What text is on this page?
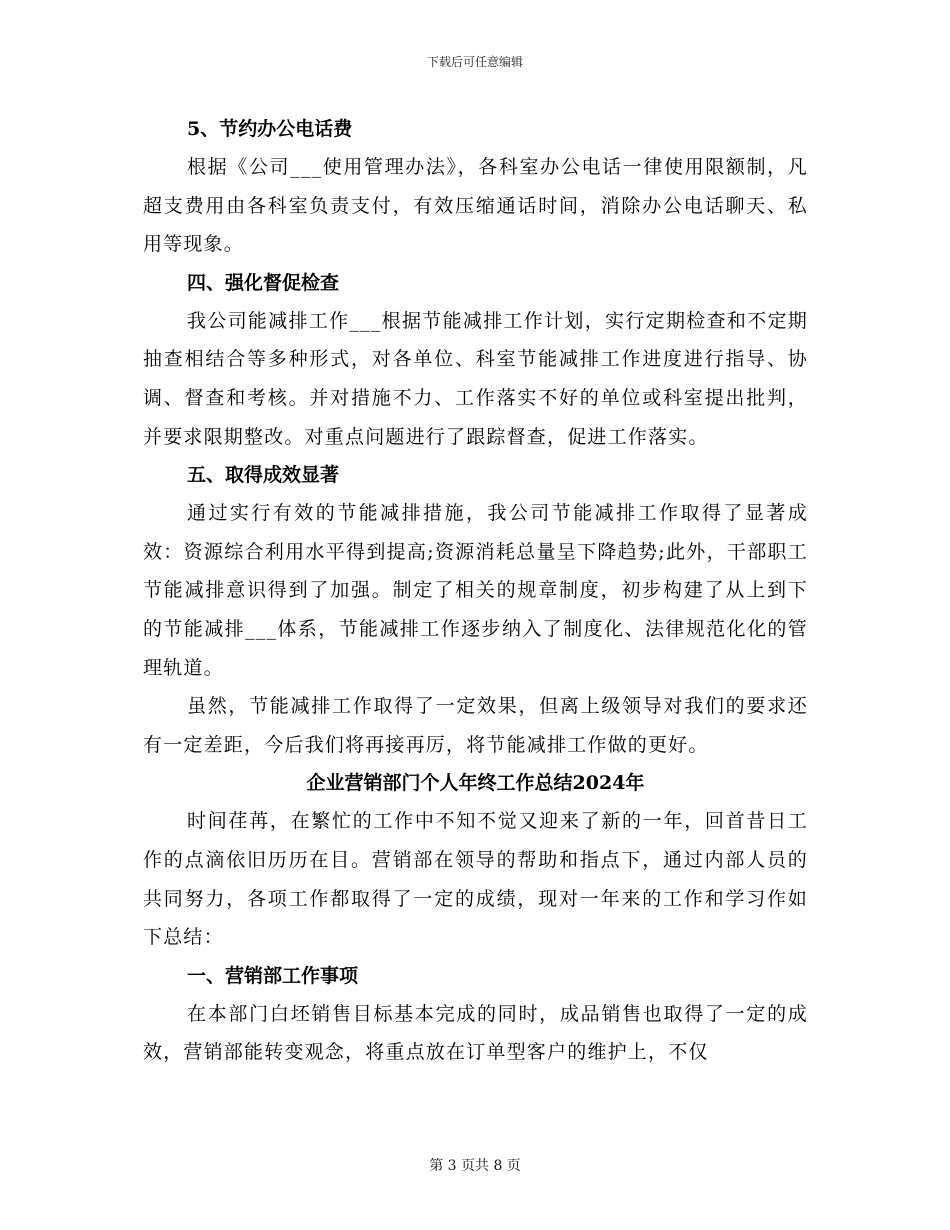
下载后可任意编辑

5、节约办公电话费

根据《公司___使用管理办法》，各科室办公电话一律使用限额制，凡超支费用由各科室负责支付，有效压缩通话时间，消除办公电话聊天、私用等现象。

四、强化督促检查

我公司能减排工作___根据节能减排工作计划，实行定期检查和不定期抽查相结合等多种形式，对各单位、科室节能减排工作进度进行指导、协调、督查和考核。并对措施不力、工作落实不好的单位或科室提出批判，并要求限期整改。对重点问题进行了跟踪督查，促进工作落实。

五、取得成效显著

通过实行有效的节能减排措施，我公司节能减排工作取得了显著成效：资源综合利用水平得到提高;资源消耗总量呈下降趋势;此外，干部职工节能减排意识得到了加强。制定了相关的规章制度，初步构建了从上到下的节能减排___体系，节能减排工作逐步纳入了制度化、法律规范化化的管理轨道。

虽然，节能减排工作取得了一定效果，但离上级领导对我们的要求还有一定差距，今后我们将再接再厉，将节能减排工作做的更好。

企业营销部门个人年终工作总结2024年

时间荏苒，在繁忙的工作中不知不觉又迎来了新的一年，回首昔日工作的点滴依旧历历在目。营销部在领导的帮助和指点下，通过内部人员的共同努力，各项工作都取得了一定的成绩，现对一年来的工作和学习作如下总结：

一、营销部工作事项

在本部门白坯销售目标基本完成的同时，成品销售也取得了一定的成效，营销部能转变观念，将重点放在订单型客户的维护上，不仅

第 3 页共 8 页
